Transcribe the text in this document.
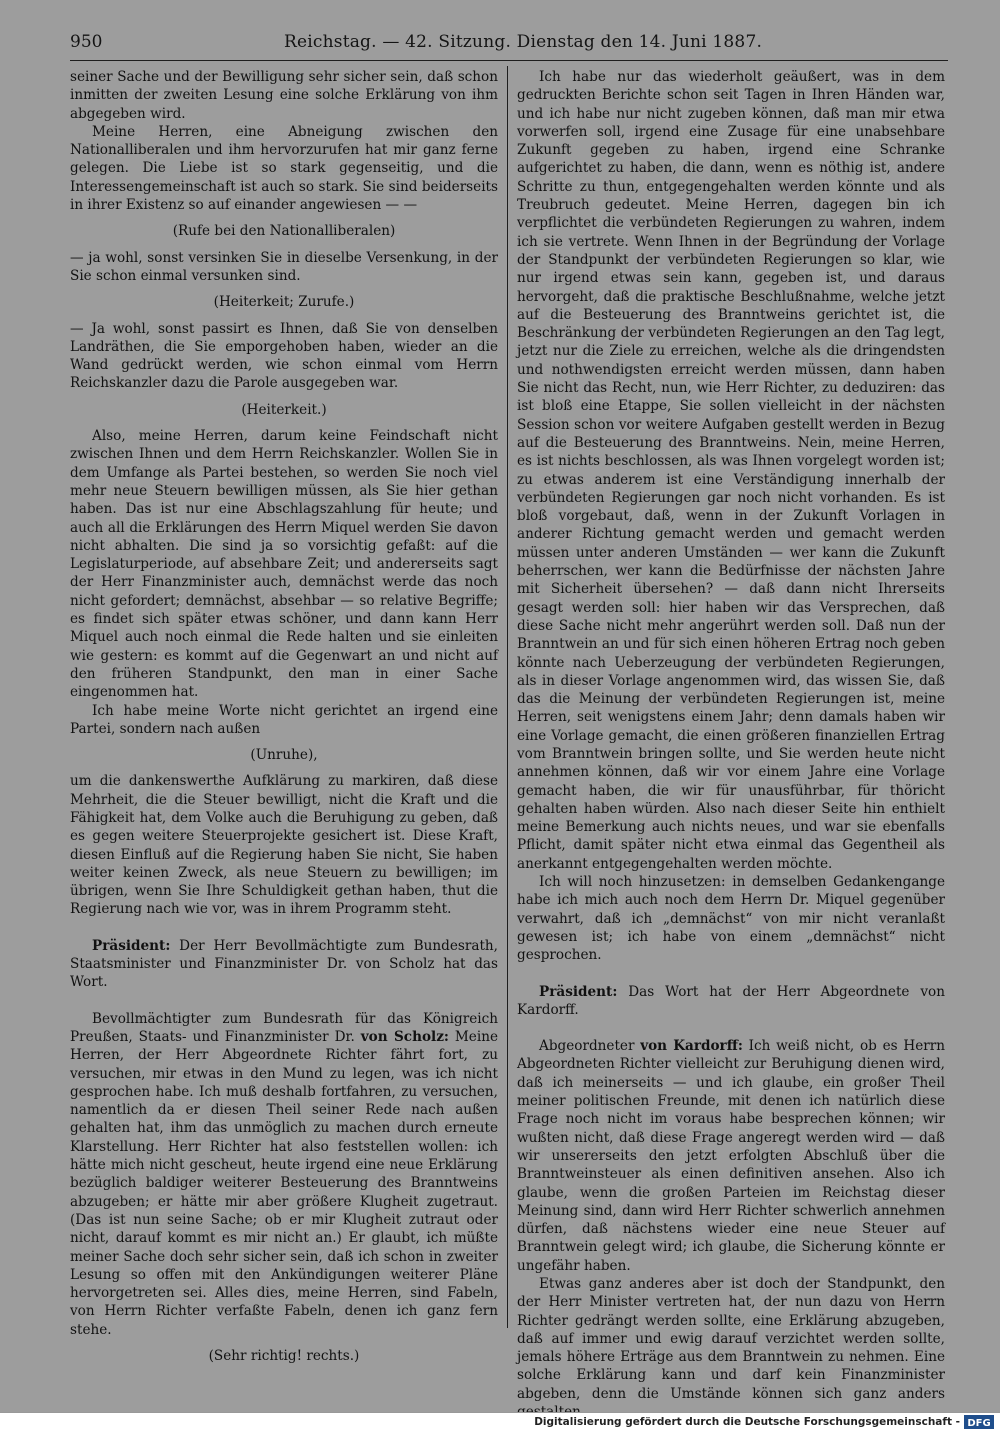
950	Reichstag. — 42. Sitzung. Dienstag den 14. Juni 1887.

seiner Sache und der Bewilligung sehr sicher sein, daß schon inmitten der zweiten Lesung eine solche Erklärung von ihm abgegeben wird.

Meine Herren, eine Abneigung zwischen den Nationalliberalen und ihm hervorzurufen hat mir ganz ferne gelegen. Die Liebe ist so stark gegenseitig, und die Interessengemeinschaft ist auch so stark. Sie sind beiderseits in ihrer Existenz so auf einander angewiesen — —

(Rufe bei den Nationalliberalen)

— ja wohl, sonst versinken Sie in dieselbe Versenkung, in der Sie schon einmal versunken sind.

(Heiterkeit; Zurufe.)

— Ja wohl, sonst passirt es Ihnen, daß Sie von denselben Landräthen, die Sie emporgehoben haben, wieder an die Wand gedrückt werden, wie schon einmal vom Herrn Reichskanzler dazu die Parole ausgegeben war.

(Heiterkeit.)

Also, meine Herren, darum keine Feindschaft nicht zwischen Ihnen und dem Herrn Reichskanzler. Wollen Sie in dem Umfange als Partei bestehen, so werden Sie noch viel mehr neue Steuern bewilligen müssen, als Sie hier gethan haben. Das ist nur eine Abschlagszahlung für heute; und auch all die Erklärungen des Herrn Miquel werden Sie davon nicht abhalten. Die sind ja so vorsichtig gefaßt: auf die Legislaturperiode, auf absehbare Zeit; und andererseits sagt der Herr Finanzminister auch, demnächst werde das noch nicht gefordert; demnächst, absehbar — so relative Begriffe; es findet sich später etwas schöner, und dann kann Herr Miquel auch noch einmal die Rede halten und sie einleiten wie gestern: es kommt auf die Gegenwart an und nicht auf den früheren Standpunkt, den man in einer Sache eingenommen hat.

Ich habe meine Worte nicht gerichtet an irgend eine Partei, sondern nach außen

(Unruhe),

um die dankenswerthe Aufklärung zu markiren, daß diese Mehrheit, die die Steuer bewilligt, nicht die Kraft und die Fähigkeit hat, dem Volke auch die Beruhigung zu geben, daß es gegen weitere Steuerprojekte gesichert ist. Diese Kraft, diesen Einfluß auf die Regierung haben Sie nicht, Sie haben weiter keinen Zweck, als neue Steuern zu bewilligen; im übrigen, wenn Sie Ihre Schuldigkeit gethan haben, thut die Regierung nach wie vor, was in ihrem Programm steht.

Präsident: Der Herr Bevollmächtigte zum Bundesrath, Staatsminister und Finanzminister Dr. von Scholz hat das Wort.

Bevollmächtigter zum Bundesrath für das Königreich Preußen, Staats- und Finanzminister Dr. von Scholz: Meine Herren, der Herr Abgeordnete Richter fährt fort, zu versuchen, mir etwas in den Mund zu legen, was ich nicht gesprochen habe. Ich muß deshalb fortfahren, zu versuchen, namentlich da er diesen Theil seiner Rede nach außen gehalten hat, ihm das unmöglich zu machen durch erneute Klarstellung. Herr Richter hat also feststellen wollen: ich hätte mich nicht gescheut, heute irgend eine neue Erklärung bezüglich baldiger weiterer Besteuerung des Branntweins abzugeben; er hätte mir aber größere Klugheit zugetraut. (Das ist nun seine Sache; ob er mir Klugheit zutraut oder nicht, darauf kommt es mir nicht an.) Er glaubt, ich müßte meiner Sache doch sehr sicher sein, daß ich schon in zweiter Lesung so offen mit den Ankündigungen weiterer Pläne hervorgetreten sei. Alles dies, meine Herren, sind Fabeln, von Herrn Richter verfaßte Fabeln, denen ich ganz fern stehe.

(Sehr richtig! rechts.)

Ich habe nur das wiederholt geäußert, was in dem gedruckten Berichte schon seit Tagen in Ihren Händen war, und ich habe nur nicht zugeben können, daß man mir etwa vorwerfen soll, irgend eine Zusage für eine unabsehbare Zukunft gegeben zu haben, irgend eine Schranke aufgerichtet zu haben, die dann, wenn es nöthig ist, andere Schritte zu thun, entgegengehalten werden könnte und als Treubruch gedeutet. Meine Herren, dagegen bin ich verpflichtet die verbündeten Regierungen zu wahren, indem ich sie vertrete. Wenn Ihnen in der Begründung der Vorlage der Standpunkt der verbündeten Regierungen so klar, wie nur irgend etwas sein kann, gegeben ist, und daraus hervorgeht, daß die praktische Beschlußnahme, welche jetzt auf die Besteuerung des Branntweins gerichtet ist, die Beschränkung der verbündeten Regierungen an den Tag legt, jetzt nur die Ziele zu erreichen, welche als die dringendsten und nothwendigsten erreicht werden müssen, dann haben Sie nicht das Recht, nun, wie Herr Richter, zu deduziren: das ist bloß eine Etappe, Sie sollen vielleicht in der nächsten Session schon vor weitere Aufgaben gestellt werden in Bezug auf die Besteuerung des Branntweins. Nein, meine Herren, es ist nichts beschlossen, als was Ihnen vorgelegt worden ist; zu etwas anderem ist eine Verständigung innerhalb der verbündeten Regierungen gar noch nicht vorhanden. Es ist bloß vorgebaut, daß, wenn in der Zukunft Vorlagen in anderer Richtung gemacht werden und gemacht werden müssen unter anderen Umständen — wer kann die Zukunft beherrschen, wer kann die Bedürfnisse der nächsten Jahre mit Sicherheit übersehen? — daß dann nicht Ihrerseits gesagt werden soll: hier haben wir das Versprechen, daß diese Sache nicht mehr angerührt werden soll. Daß nun der Branntwein an und für sich einen höheren Ertrag noch geben könnte nach Ueberzeugung der verbündeten Regierungen, als in dieser Vorlage angenommen wird, das wissen Sie, daß das die Meinung der verbündeten Regierungen ist, meine Herren, seit wenigstens einem Jahr; denn damals haben wir eine Vorlage gemacht, die einen größeren finanziellen Ertrag vom Branntwein bringen sollte, und Sie werden heute nicht annehmen können, daß wir vor einem Jahre eine Vorlage gemacht haben, die wir für unausführbar, für thöricht gehalten haben würden. Also nach dieser Seite hin enthielt meine Bemerkung auch nichts neues, und war sie ebenfalls Pflicht, damit später nicht etwa einmal das Gegentheil als anerkannt entgegengehalten werden möchte.

Ich will noch hinzusetzen: in demselben Gedankengange habe ich mich auch noch dem Herrn Dr. Miquel gegenüber verwahrt, daß ich „demnächst“ von mir nicht veranlaßt gewesen ist; ich habe von einem „demnächst“ nicht gesprochen.

Präsident: Das Wort hat der Herr Abgeordnete von Kardorff.

Abgeordneter von Kardorff: Ich weiß nicht, ob es Herrn Abgeordneten Richter vielleicht zur Beruhigung dienen wird, daß ich meinerseits — und ich glaube, ein großer Theil meiner politischen Freunde, mit denen ich natürlich diese Frage noch nicht im voraus habe besprechen können; wir wußten nicht, daß diese Frage angeregt werden wird — daß wir unsererseits den jetzt erfolgten Abschluß über die Branntweinsteuer als einen definitiven ansehen. Also ich glaube, wenn die großen Parteien im Reichstag dieser Meinung sind, dann wird Herr Richter schwerlich annehmen dürfen, daß nächstens wieder eine neue Steuer auf Branntwein gelegt wird; ich glaube, die Sicherung könnte er ungefähr haben.

Etwas ganz anderes aber ist doch der Standpunkt, den der Herr Minister vertreten hat, der nun dazu von Herrn Richter gedrängt werden sollte, eine Erklärung abzugeben, daß auf immer und ewig darauf verzichtet werden sollte, jemals höhere Erträge aus dem Branntwein zu nehmen. Eine solche Erklärung kann und darf kein Finanzminister abgeben, denn die Umstände können sich ganz anders

Digitalisierung gefördert durch die Deutsche Forschungsgemeinschaft - DFG
